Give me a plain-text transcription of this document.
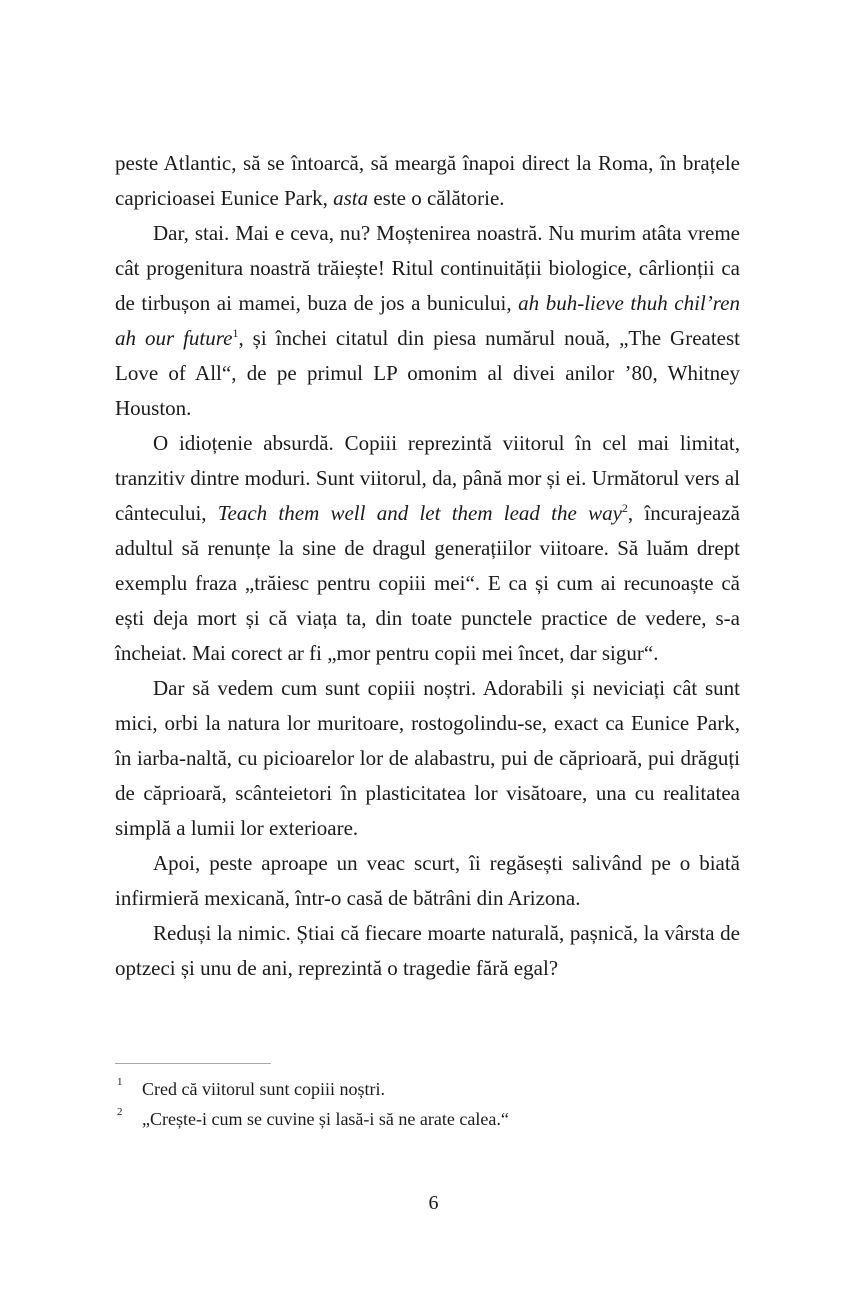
peste Atlantic, să se întoarcă, să meargă înapoi direct la Roma, în brațele capricioasei Eunice Park, asta este o călătorie.

Dar, stai. Mai e ceva, nu? Moștenirea noastră. Nu murim atâta vreme cât progenitura noastră trăiește! Ritul continuității biologice, cârlionții ca de tirbușon ai mamei, buza de jos a bunicului, ah buh-lieve thuh chil’ren ah our future$^1$, și închei citatul din piesa numărul nouă, „The Greatest Love of All“, de pe primul LP omonim al divei anilor ’80, Whitney Houston.

O idioțenie absurdă. Copiii reprezintă viitorul în cel mai limitat, tranzitiv dintre moduri. Sunt viitorul, da, până mor și ei. Următorul vers al cântecului, Teach them well and let them lead the way$^2$, încurajează adultul să renunțe la sine de dragul generațiilor viitoare. Să luăm drept exemplu fraza „trăiesc pentru copiii mei“. E ca și cum ai recunoaște că ești deja mort și că viața ta, din toate punctele practice de vedere, s-a încheiat. Mai corect ar fi „mor pentru copii mei încet, dar sigur“.

Dar să vedem cum sunt copiii noștri. Adorabili și neviciați cât sunt mici, orbi la natura lor muritoare, rostogolindu-se, exact ca Eunice Park, în iarba-naltă, cu picioarelor lor de alabastru, pui de căprioară, pui drăguți de căprioară, scânteietori în plasticitatea lor visătoare, una cu realitatea simplă a lumii lor exterioare.

Apoi, peste aproape un veac scurt, îi regăsești salivând pe o biată infirmieră mexicană, într-o casă de bătrâni din Arizona.

Reduși la nimic. Știai că fiecare moarte naturală, pașnică, la vârsta de optzeci și unu de ani, reprezintă o tragedie fără egal?

1 Cred că viitorul sunt copiii noștri.

2 „Crește-i cum se cuvine și lasă-i să ne arate calea.“

6
